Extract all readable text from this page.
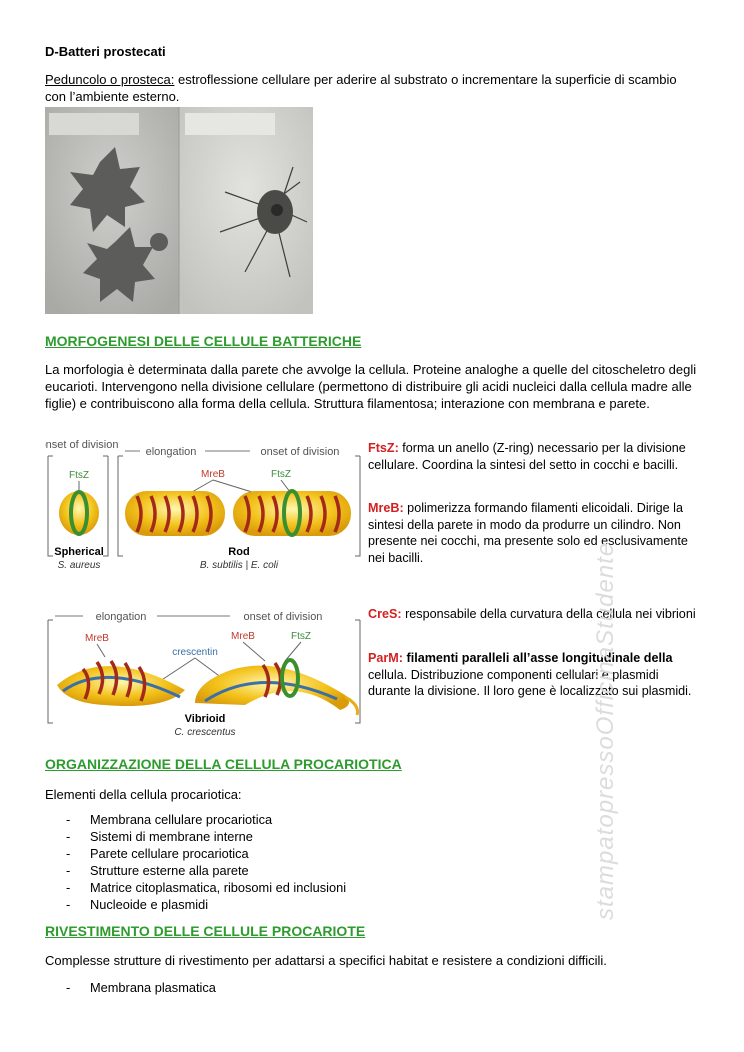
D-Batteri prostecati
Peduncolo o prosteca: estroflessione cellulare per aderire al substrato o incrementare la superficie di scambio con l’ambiente esterno.
MORFOGENESI DELLE CELLULE BATTERICHE
La morfologia è determinata dalla parete che avvolge la cellula. Proteine analoghe a quelle del citoscheletro degli eucarioti. Intervengono nella divisione cellulare (permettono di distribuire gli acidi nucleici dalla cellula madre alle figlie) e contribuiscono alla forma della cellula. Struttura filamentosa; interazione con membrana e parete.
onset of division
FtsZ
Spherical
S. aureus
elongation	onset of division
MreB	FtsZ
Rod
B. subtilis | E. coli
FtsZ: forma un anello (Z-ring) necessario per la divisione cellulare. Coordina la sintesi del setto in cocchi e bacilli.
MreB: polimerizza formando filamenti elicoidali. Dirige la sintesi della parete in modo da produrre un cilindro. Non presente nei cocchi, ma presente solo ed esclusivamente nei bacilli.
elongation	onset of division
MreB	MreB	FtsZ
crescentin
Vibrioid
C. crescentus
CreS: responsabile della curvatura della cellula nei vibrioni
ParM: filamenti paralleli all’asse longitudinale della cellula. Distribuzione componenti cellulari e plasmidi durante la divisione. Il loro gene è localizzato sui plasmidi.
ORGANIZZAZIONE DELLA CELLULA PROCARIOTICA
Elementi della cellula procariotica:
-	Membrana cellulare procariotica
-	Sistemi di membrane interne
-	Parete cellulare procariotica
-	Strutture esterne alla parete
-	Matrice citoplasmatica, ribosomi ed inclusioni
-	Nucleoide e plasmidi
RIVESTIMENTO DELLE CELLULE PROCARIOTE
Complesse strutture di rivestimento per adattarsi a specifici habitat e resistere a condizioni difficili.
-	Membrana plasmatica
stampatopressoOfficinaStudente
